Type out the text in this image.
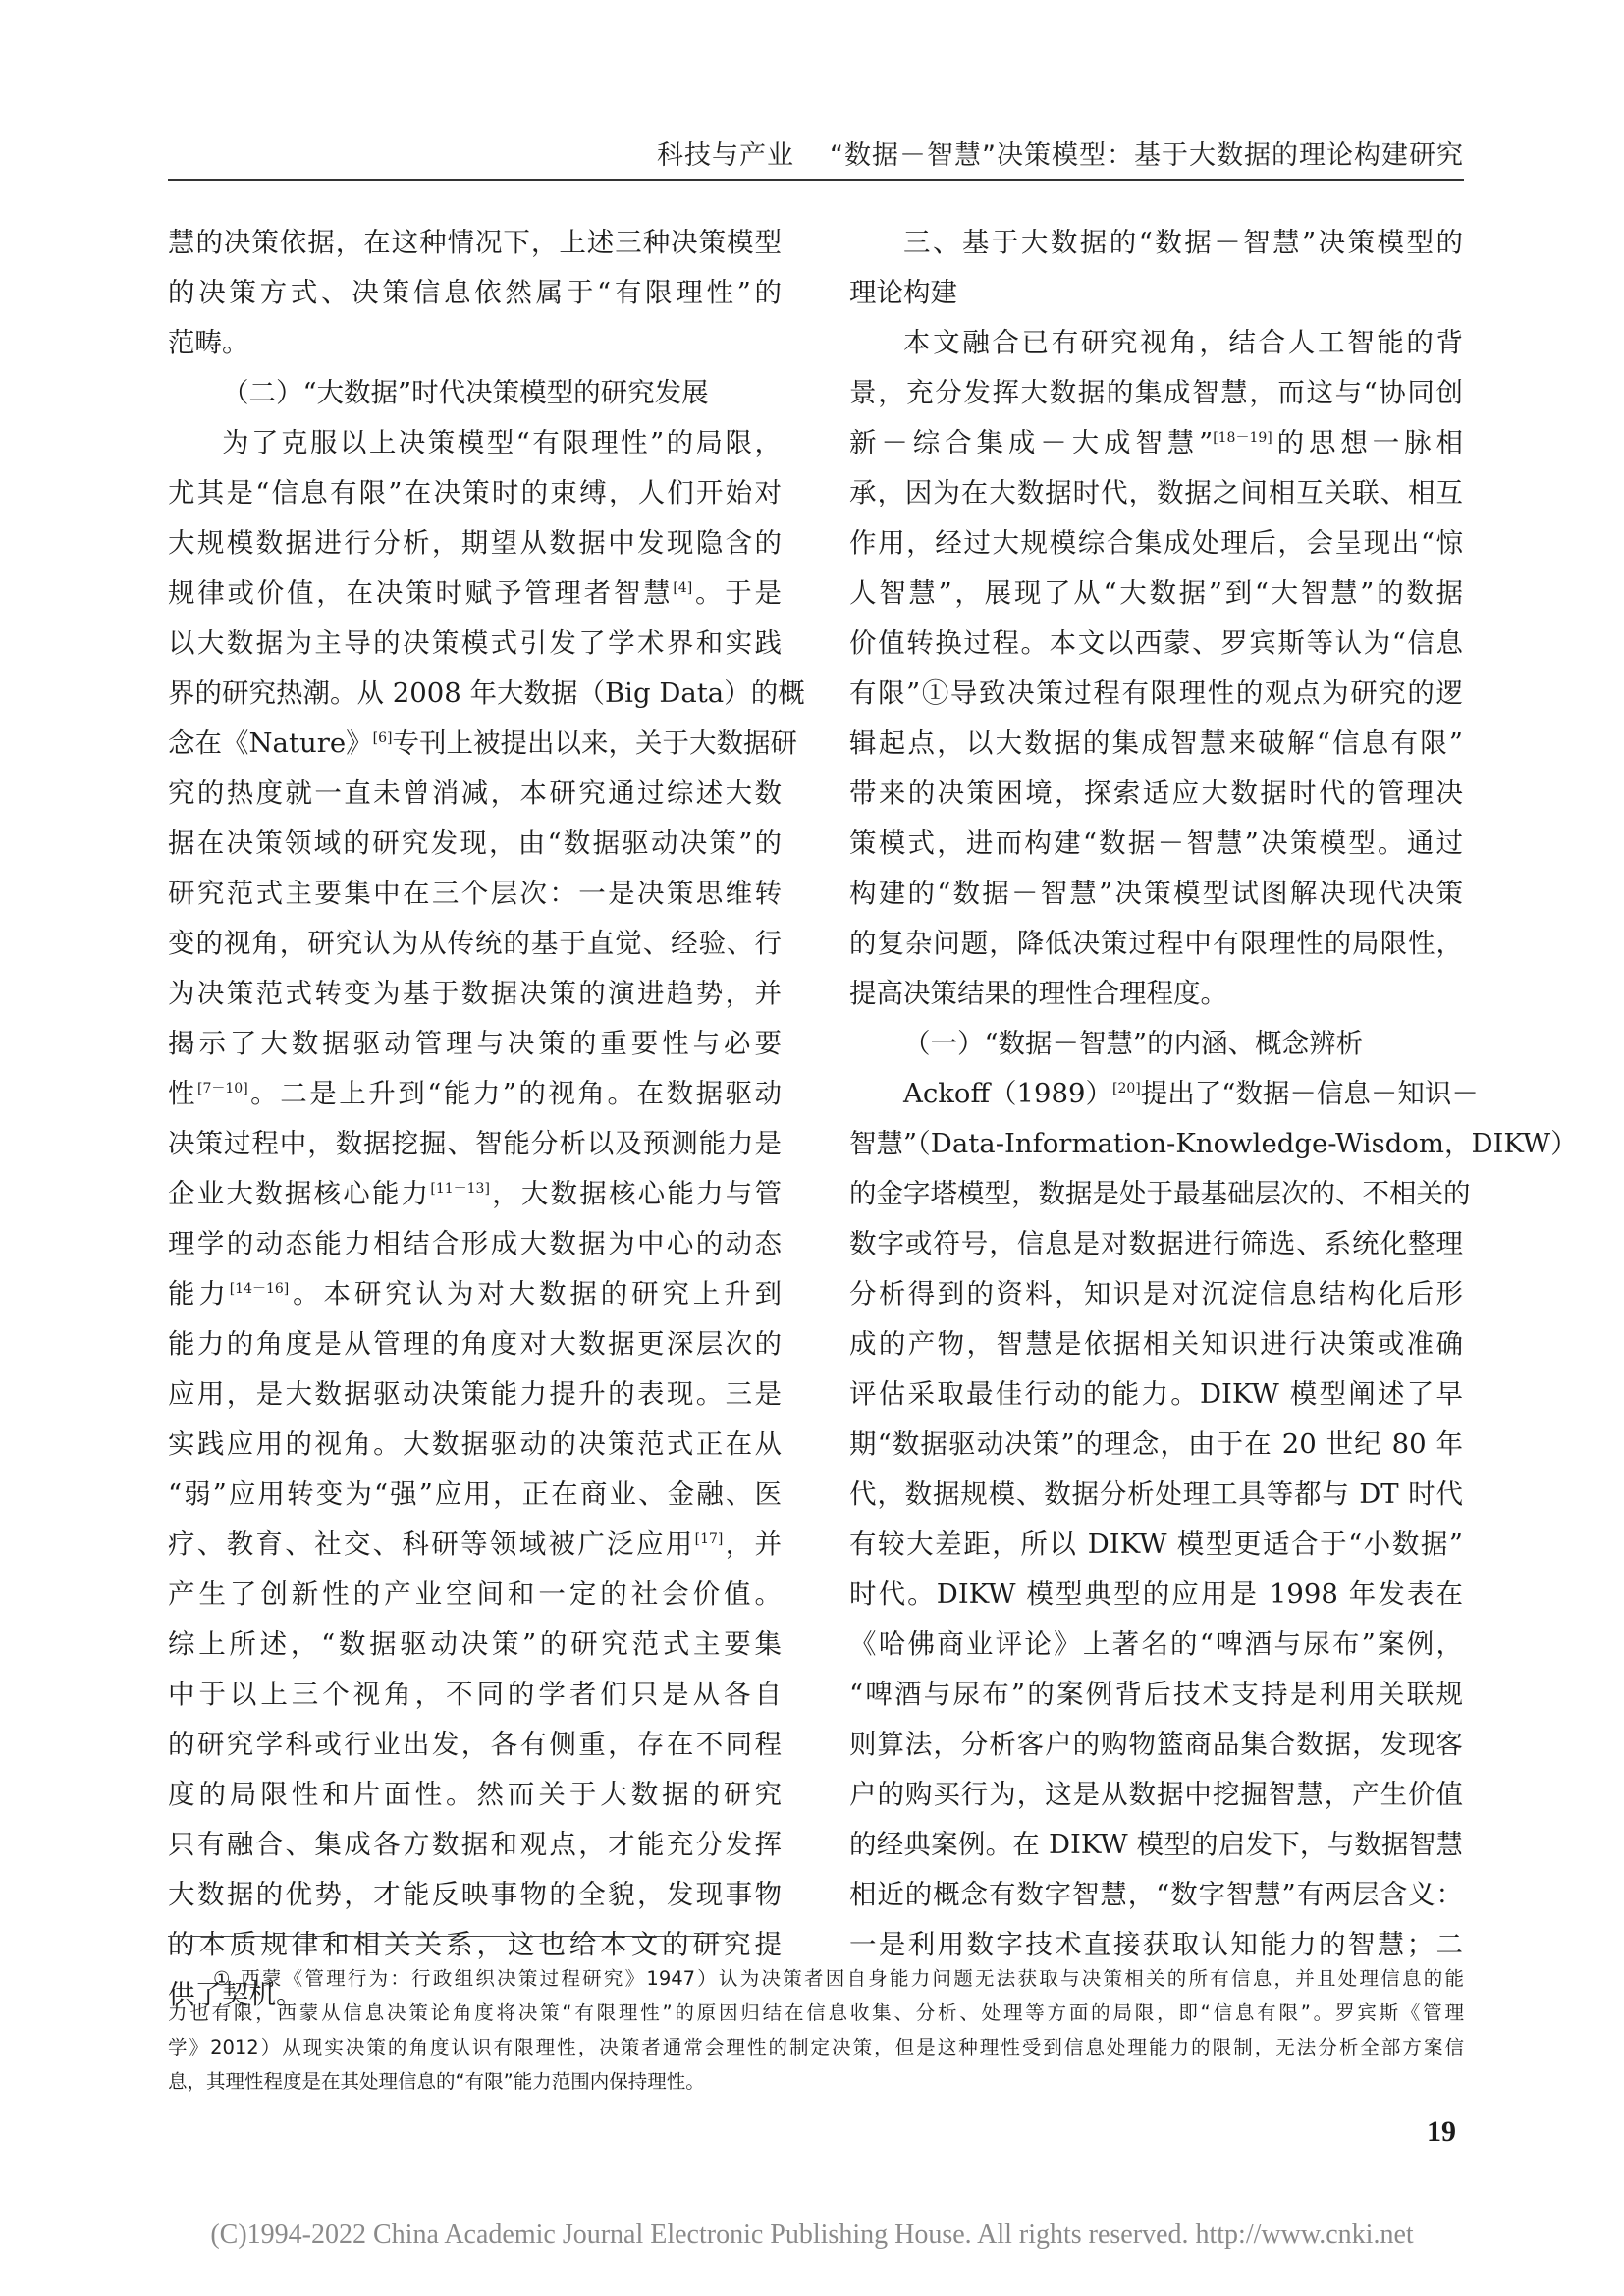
科技与产业 “数据－智慧”决策模型：基于大数据的理论构建研究
慧的决策依据，在这种情况下，上述三种决策模型
的决策方式、决策信息依然属于“有限理性”的
范畴。
（二）“大数据”时代决策模型的研究发展
为了克服以上决策模型“有限理性”的局限，
尤其是“信息有限”在决策时的束缚，人们开始对
大规模数据进行分析，期望从数据中发现隐含的
规律或价值，在决策时赋予管理者智慧[4]。于是
以大数据为主导的决策模式引发了学术界和实践
界的研究热潮。从 2008 年大数据（Big Data）的概
念在《Nature》[6]专刊上被提出以来，关于大数据研
究的热度就一直未曾消减，本研究通过综述大数
据在决策领域的研究发现，由“数据驱动决策”的
研究范式主要集中在三个层次：一是决策思维转
变的视角，研究认为从传统的基于直觉、经验、行
为决策范式转变为基于数据决策的演进趋势，并
揭示了大数据驱动管理与决策的重要性与必要
性[7－10]。二是上升到“能力”的视角。在数据驱动
决策过程中，数据挖掘、智能分析以及预测能力是
企业大数据核心能力[11－13]，大数据核心能力与管
理学的动态能力相结合形成大数据为中心的动态
能力[14－16]。本研究认为对大数据的研究上升到
能力的角度是从管理的角度对大数据更深层次的
应用，是大数据驱动决策能力提升的表现。三是
实践应用的视角。大数据驱动的决策范式正在从
“弱”应用转变为“强”应用，正在商业、金融、医
疗、教育、社交、科研等领域被广泛应用[17]，并
产生了创新性的产业空间和一定的社会价值。
综上所述，“数据驱动决策”的研究范式主要集
中于以上三个视角，不同的学者们只是从各自
的研究学科或行业出发，各有侧重，存在不同程
度的局限性和片面性。然而关于大数据的研究
只有融合、集成各方数据和观点，才能充分发挥
大数据的优势，才能反映事物的全貌，发现事物
的本质规律和相关关系，这也给本文的研究提
供了契机。
三、基于大数据的“数据－智慧”决策模型的
理论构建
本文融合已有研究视角，结合人工智能的背
景，充分发挥大数据的集成智慧，而这与“协同创
新－综合集成－大成智慧”[18－19]的思想一脉相
承，因为在大数据时代，数据之间相互关联、相互
作用，经过大规模综合集成处理后，会呈现出“惊
人智慧”，展现了从“大数据”到“大智慧”的数据
价值转换过程。本文以西蒙、罗宾斯等认为“信息
有限”①导致决策过程有限理性的观点为研究的逻
辑起点，以大数据的集成智慧来破解“信息有限”
带来的决策困境，探索适应大数据时代的管理决
策模式，进而构建“数据－智慧”决策模型。通过
构建的“数据－智慧”决策模型试图解决现代决策
的复杂问题，降低决策过程中有限理性的局限性，
提高决策结果的理性合理程度。
（一）“数据－智慧”的内涵、概念辨析
Ackoff（1989）[20]提出了“数据－信息－知识－
智慧”（Data-Information-Knowledge-Wisdom，DIKW）
的金字塔模型，数据是处于最基础层次的、不相关的
数字或符号，信息是对数据进行筛选、系统化整理
分析得到的资料，知识是对沉淀信息结构化后形
成的产物，智慧是依据相关知识进行决策或准确
评估采取最佳行动的能力。DIKW 模型阐述了早
期“数据驱动决策”的理念，由于在 20 世纪 80 年
代，数据规模、数据分析处理工具等都与 DT 时代
有较大差距，所以 DIKW 模型更适合于“小数据”
时代。DIKW 模型典型的应用是 1998 年发表在
《哈佛商业评论》上著名的“啤酒与尿布”案例，
“啤酒与尿布”的案例背后技术支持是利用关联规
则算法，分析客户的购物篮商品集合数据，发现客
户的购买行为，这是从数据中挖掘智慧，产生价值
的经典案例。在 DIKW 模型的启发下，与数据智慧
相近的概念有数字智慧，“数字智慧”有两层含义：
一是利用数字技术直接获取认知能力的智慧；二
① 西蒙《管理行为：行政组织决策过程研究》1947）认为决策者因自身能力问题无法获取与决策相关的所有信息，并且处理信息的能
力也有限，西蒙从信息决策论角度将决策“有限理性”的原因归结在信息收集、分析、处理等方面的局限，即“信息有限”。罗宾斯《管理
学》2012）从现实决策的角度认识有限理性，决策者通常会理性的制定决策，但是这种理性受到信息处理能力的限制，无法分析全部方案信
息，其理性程度是在其处理信息的“有限”能力范围内保持理性。
19
(C)1994-2022 China Academic Journal Electronic Publishing House. All rights reserved. http://www.cnki.net
